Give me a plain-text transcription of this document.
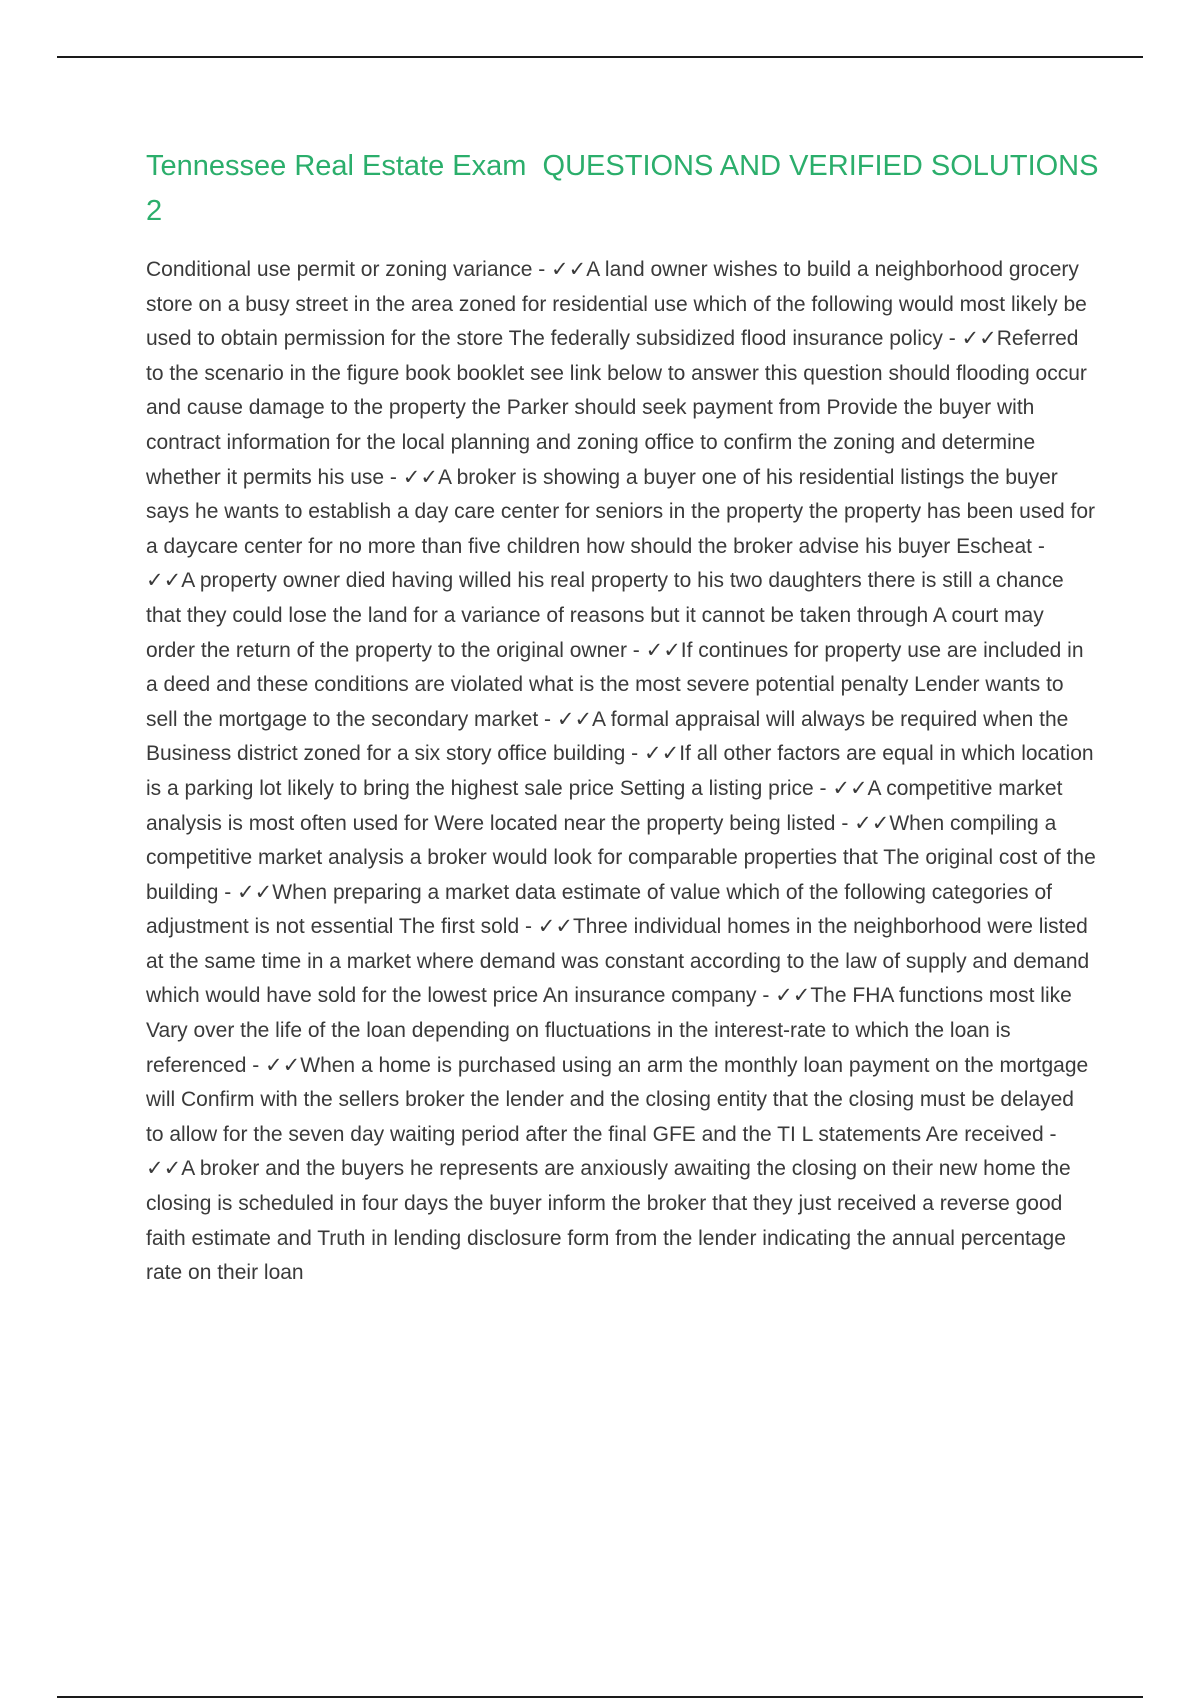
Tennessee Real Estate Exam  QUESTIONS AND VERIFIED SOLUTIONS 2

Conditional use permit or zoning variance - ✓✓A land owner wishes to build a neighborhood grocery store on a busy street in the area zoned for residential use which of the following would most likely be used to obtain permission for the store The federally subsidized flood insurance policy - ✓✓Referred to the scenario in the figure book booklet see link below to answer this question should flooding occur and cause damage to the property the Parker should seek payment from Provide the buyer with contract information for the local planning and zoning office to confirm the zoning and determine whether it permits his use - ✓✓A broker is showing a buyer one of his residential listings the buyer says he wants to establish a day care center for seniors in the property the property has been used for a daycare center for no more than five children how should the broker advise his buyer Escheat - ✓✓A property owner died having willed his real property to his two daughters there is still a chance that they could lose the land for a variance of reasons but it cannot be taken through A court may order the return of the property to the original owner - ✓✓If continues for property use are included in a deed and these conditions are violated what is the most severe potential penalty Lender wants to sell the mortgage to the secondary market - ✓✓A formal appraisal will always be required when the Business district zoned for a six story office building - ✓✓If all other factors are equal in which location is a parking lot likely to bring the highest sale price Setting a listing price - ✓✓A competitive market analysis is most often used for Were located near the property being listed - ✓✓When compiling a competitive market analysis a broker would look for comparable properties that The original cost of the building - ✓✓When preparing a market data estimate of value which of the following categories of adjustment is not essential The first sold - ✓✓Three individual homes in the neighborhood were listed at the same time in a market where demand was constant according to the law of supply and demand which would have sold for the lowest price An insurance company - ✓✓The FHA functions most like Vary over the life of the loan depending on fluctuations in the interest-rate to which the loan is referenced - ✓✓When a home is purchased using an arm the monthly loan payment on the mortgage will Confirm with the sellers broker the lender and the closing entity that the closing must be delayed to allow for the seven day waiting period after the final GFE and the TI L statements Are received - ✓✓A broker and the buyers he represents are anxiously awaiting the closing on their new home the closing is scheduled in four days the buyer inform the broker that they just received a reverse good faith estimate and Truth in lending disclosure form from the lender indicating the annual percentage rate on their loan
